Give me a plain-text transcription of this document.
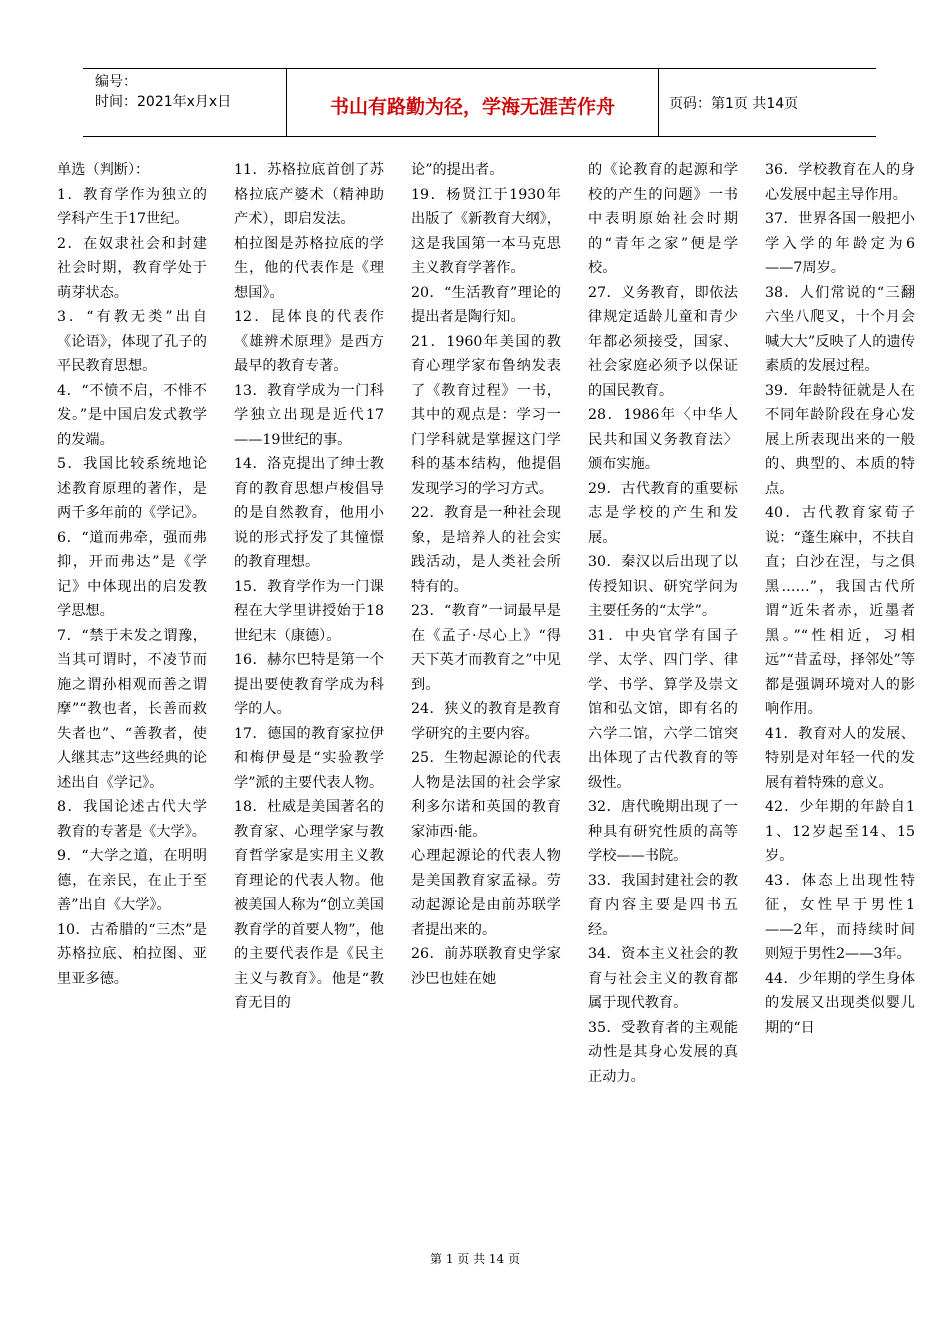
编号：
时间：2021年x月x日	书山有路勤为径，学海无涯苦作舟	页码：第1页 共14页

单选（判断）：

1．教育学作为独立的学科产生于17世纪。

2．在奴隶社会和封建社会时期，教育学处于萌芽状态。

3．“有教无类”出自《论语》，体现了孔子的平民教育思想。

4．“不愤不启，不悱不发。”是中国启发式教学的发端。

5．我国比较系统地论述教育原理的著作，是两千多年前的《学记》。

6．“道而弗牵，强而弗抑，开而弗达”是《学记》中体现出的启发教学思想。

7．“禁于未发之谓豫，当其可谓时，不凌节而施之谓孙相观而善之谓摩”“教也者，长善而救失者也”、“善教者，使人继其志”这些经典的论述出自《学记》。

8．我国论述古代大学教育的专著是《大学》。

9．“大学之道，在明明德，在亲民，在止于至善”出自《大学》。

10．古希腊的“三杰”是苏格拉底、柏拉图、亚里亚多德。

11．苏格拉底首创了苏格拉底产婆术（精神助产术），即启发法。

柏拉图是苏格拉底的学生，他的代表作是《理想国》。

12．昆体良的代表作《雄辨术原理》是西方最早的教育专著。

13．教育学成为一门科学独立出现是近代17——19世纪的事。

14．洛克提出了绅士教育的教育思想卢梭倡导的是自然教育，他用小说的形式抒发了其憧憬的教育理想。

15．教育学作为一门课程在大学里讲授始于18世纪末（康德）。

16．赫尔巴特是第一个提出要使教育学成为科学的人。

17．德国的教育家拉伊和梅伊曼是“实验教学学”派的主要代表人物。

18．杜威是美国著名的教育家、心理学家与教育哲学家是实用主义教育理论的代表人物。他被美国人称为“创立美国教育学的首要人物”，他的主要代表作是《民主主义与教育》。他是“教育无目的

论”的提出者。

19．杨贤江于1930年出版了《新教育大纲》，这是我国第一本马克思主义教育学著作。

20．“生活教育”理论的提出者是陶行知。

21．1960年美国的教育心理学家布鲁纳发表了《教育过程》一书，其中的观点是：学习一门学科就是掌握这门学科的基本结构，他提倡发现学习的学习方式。

22．教育是一种社会现象，是培养人的社会实践活动，是人类社会所特有的。

23．“教育”一词最早是在《孟子·尽心上》“得天下英才而教育之”中见到。

24．狭义的教育是教育学研究的主要内容。

25．生物起源论的代表人物是法国的社会学家利多尔诺和英国的教育家沛西·能。

心理起源论的代表人物是美国教育家孟禄。劳动起源论是由前苏联学者提出来的。

26．前苏联教育史学家沙巴也娃在她

的《论教育的起源和学校的产生的问题》一书中表明原始社会时期的“青年之家”便是学校。

27．义务教育，即依法律规定适龄儿童和青少年都必须接受，国家、社会家庭必须予以保证的国民教育。

28．1986年〈中华人民共和国义务教育法〉颁布实施。

29．古代教育的重要标志是学校的产生和发展。

30．秦汉以后出现了以传授知识、研究学问为主要任务的“太学”。

31．中央官学有国子学、太学、四门学、律学、书学、算学及崇文馆和弘文馆，即有名的六学二馆，六学二馆突出体现了古代教育的等级性。

32．唐代晚期出现了一种具有研究性质的高等学校——书院。

33．我国封建社会的教育内容主要是四书五经。

34．资本主义社会的教育与社会主义的教育都属于现代教育。

35．受教育者的主观能动性是其身心发展的真正动力。

36．学校教育在人的身心发展中起主导作用。

37．世界各国一般把小学入学的年龄定为6——7周岁。

38．人们常说的“三翻六坐八爬叉，十个月会喊大大”反映了人的遗传素质的发展过程。

39．年龄特征就是人在不同年龄阶段在身心发展上所表现出来的一般的、典型的、本质的特点。

40．古代教育家荀子说：“蓬生麻中，不扶自直；白沙在涅，与之俱黑……”，我国古代所谓“近朱者赤，近墨者黑。”“性相近，习相远”“昔孟母，择邻处”等都是强调环境对人的影响作用。

41．教育对人的发展、特别是对年轻一代的发展有着特殊的意义。

42．少年期的年龄自11、12岁起至14、15岁。

43．体态上出现性特征，女性早于男性1——2年，而持续时间则短于男性2——3年。

44．少年期的学生身体的发展又出现类似婴儿期的“日

第 1 页 共 14 页
